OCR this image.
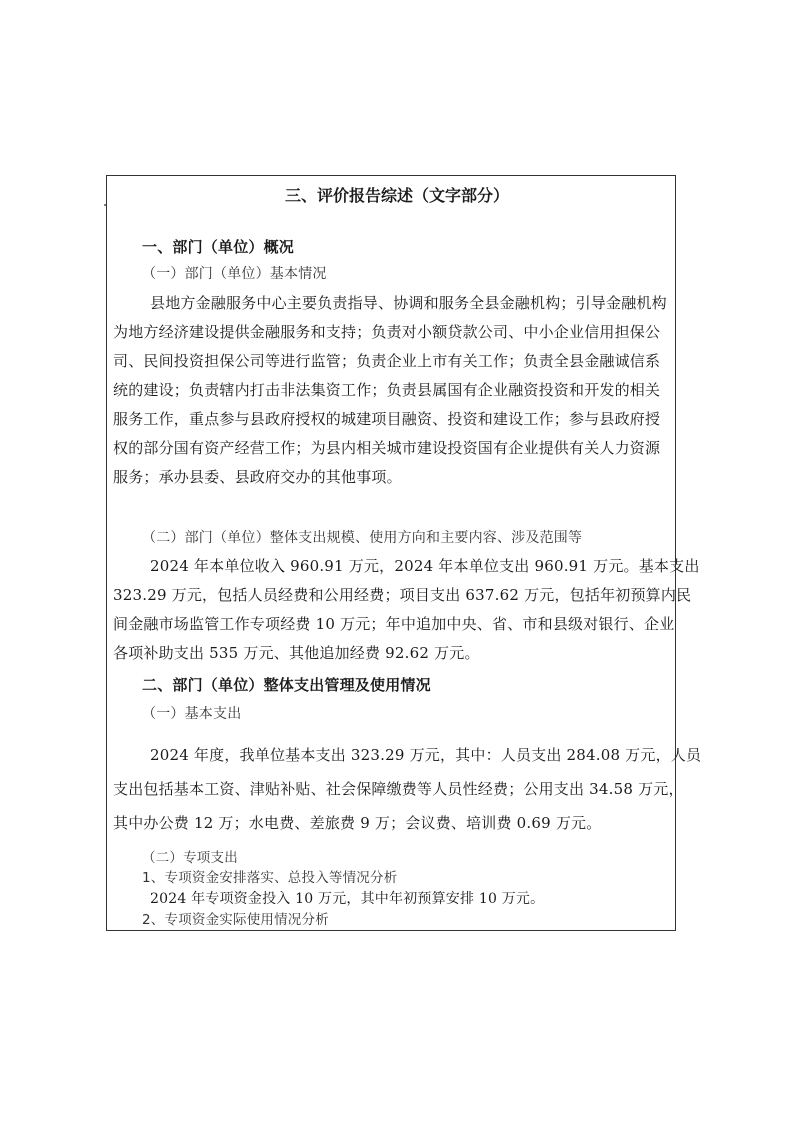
三、评价报告综述（文字部分）
一、部门（单位）概况
（一）部门（单位）基本情况
县地方金融服务中心主要负责指导、协调和服务全县金融机构；引导金融机构
为地方经济建设提供金融服务和支持；负责对小额贷款公司、中小企业信用担保公
司、民间投资担保公司等进行监管；负责企业上市有关工作；负责全县金融诚信系
统的建设；负责辖内打击非法集资工作；负责县属国有企业融资投资和开发的相关
服务工作，重点参与县政府授权的城建项目融资、投资和建设工作；参与县政府授
权的部分国有资产经营工作；为县内相关城市建设投资国有企业提供有关人力资源
服务；承办县委、县政府交办的其他事项。
（二）部门（单位）整体支出规模、使用方向和主要内容、涉及范围等
2024 年本单位收入 960.91 万元，2024 年本单位支出 960.91 万元。基本支出
323.29 万元，包括人员经费和公用经费；项目支出 637.62 万元，包括年初预算内民
间金融市场监管工作专项经费 10 万元；年中追加中央、省、市和县级对银行、企业
各项补助支出 535 万元、其他追加经费 92.62 万元。
二、部门（单位）整体支出管理及使用情况
（一）基本支出
2024 年度，我单位基本支出 323.29 万元，其中：人员支出 284.08 万元，人员
支出包括基本工资、津贴补贴、社会保障缴费等人员性经费；公用支出 34.58 万元，
其中办公费 12 万；水电费、差旅费 9 万；会议费、培训费 0.69 万元。
（二）专项支出
1、专项资金安排落实、总投入等情况分析
2024 年专项资金投入 10 万元，其中年初预算安排 10 万元。
2、专项资金实际使用情况分析
